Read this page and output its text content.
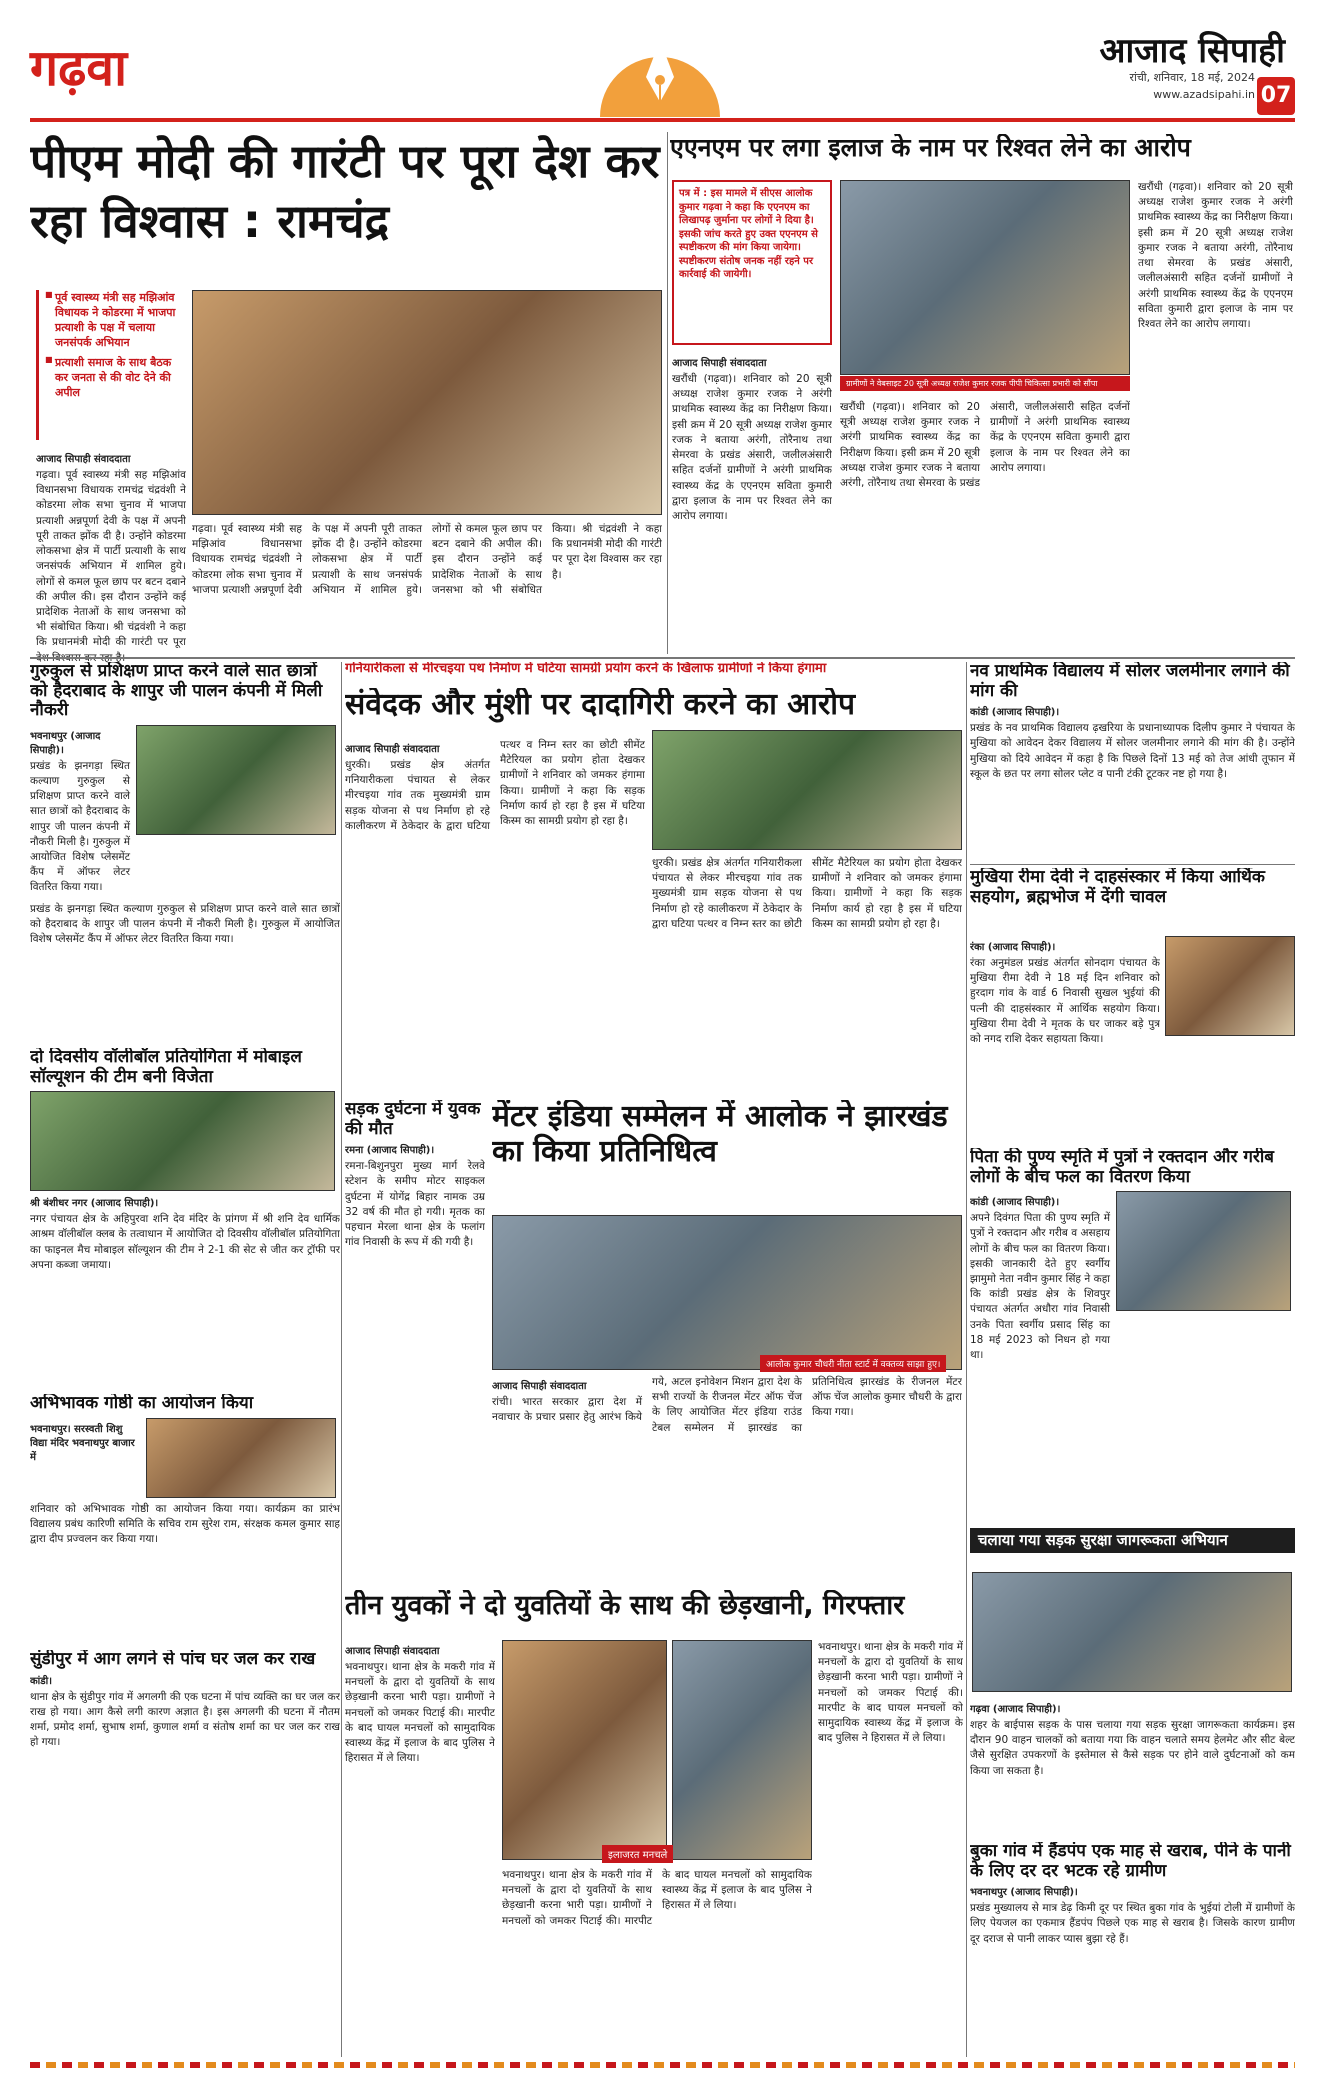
गढ़वा	आजाद सिपाही
रांची, शनिवार, 18 मई, 2024
www.azadsipahi.in 07
पीएम मोदी की गारंटी पर पूरा देश कर रहा विश्वास : रामचंद्र
■ पूर्व स्वास्थ्य मंत्री सह मझिआंव विधायक ने कोडरमा में भाजपा प्रत्याशी के पक्ष में चलाया जनसंपर्क अभियान
■ प्रत्याशी समाज के साथ बैठक कर जनता से की वोट देने की अपील
आजाद सिपाही संवाददाता
गढ़वा। पूर्व स्वास्थ्य मंत्री सह मझिआंव विधानसभा विधायक रामचंद्र चंद्रवंशी ने कोडरमा लोक सभा चुनाव में भाजपा प्रत्याशी अन्नपूर्णा देवी के पक्ष में अपनी पूरी ताकत झोंक दी है। उन्होंने कोडरमा लोकसभा क्षेत्र में पार्टी प्रत्याशी के साथ जनसंपर्क अभियान में शामिल हुये। लोगों से कमल फूल छाप पर बटन दबाने की अपील की। इस दौरान उन्होंने कई प्रादेशिक नेताओं के साथ जनसभा को भी संबोधित किया। श्री चंद्रवंशी ने कहा कि प्रधानमंत्री मोदी की गारंटी पर पूरा
गढ़वा। पूर्व स्वास्थ्य मंत्री सह मझिआंव विधानसभा विधायक रामचंद्र चंद्रवंशी ने कोडरमा लोक सभा चुनाव में भाजपा प्रत्याशी अन्नपूर्णा देवी के पक्ष में अपनी पूरी ताकत झोंक दी है। उन्होंने कोडरमा लोकसभा क्षेत्र में पार्टी प्रत्याशी के साथ जनसंपर्क अभियान में शामिल हुये। लोगों से कमल फूल छाप पर बटन दबाने की अपील की। इस दौरान उन्होंने कई प्रादेशिक नेताओं के साथ जनसभा को भी संबोधित किया। श्री चंद्रवंशी ने कहा कि प्रधानमंत्री मोदी की गारंटी पर पूरा देश विश्वास कर रहा है।
एएनएम पर लगा इलाज के नाम पर रिश्वत लेने का आरोप
पत्र में : इस मामले में सीएस आलोक कुमार गढ़वा ने कहा कि एएनएम का लिखापढ़ जुर्माना पर लोगों ने दिया है। इसकी जांच करते हुए उक्त एएनएम से स्पष्टीकरण की मांग किया जायेगा। स्पष्टीकरण संतोष जनक नहीं रहने पर कार्रवाई की जायेगी।
ग्रामीणों ने वेबसाइट 20 सूत्री अध्यक्ष राजेश कुमार रजक पीपी चिकित्सा प्रभारी को सौंपा
आजाद सिपाही संवाददाता
खरौंधी (गढ़वा)। शनिवार को 20 सूत्री अध्यक्ष राजेश कुमार रजक ने अरंगी प्राथमिक स्वास्थ्य केंद्र का निरीक्षण किया। इसी क्रम में 20 सूत्री अध्यक्ष राजेश कुमार रजक ने बताया अरंगी, तोरैनाथ तथा सेमरवा के प्रखंड अंसारी, जलीलअंसारी सहित दर्जनों ग्रामीणों ने अरंगी प्राथमिक स्वास्थ्य केंद्र के एएनएम सविता कुमारी द्वारा इलाज के नाम पर रिश्वत लेने का आरोप लगाया।
खरौंधी (गढ़वा)। शनिवार को 20 सूत्री अध्यक्ष राजेश कुमार रजक ने अरंगी प्राथमिक स्वास्थ्य केंद्र का निरीक्षण किया। इसी क्रम में 20 सूत्री अध्यक्ष राजेश कुमार रजक ने बताया अरंगी, तोरैनाथ तथा सेमरवा के प्रखंड अंसारी, जलीलअंसारी सहित दर्जनों ग्रामीणों ने अरंगी प्राथमिक स्वास्थ्य केंद्र के एएनएम सविता कुमारी द्वारा इलाज के नाम पर रिश्वत लेने का आरोप लगाया।
खरौंधी (गढ़वा)। शनिवार को 20 सूत्री अध्यक्ष राजेश कुमार रजक ने अरंगी प्राथमिक स्वास्थ्य केंद्र का निरीक्षण किया। इसी क्रम में 20 सूत्री अध्यक्ष राजेश कुमार रजक ने बताया अरंगी, तोरैनाथ तथा सेमरवा के प्रखंड अंसारी, जलीलअंसारी सहित दर्जनों ग्रामीणों ने अरंगी प्राथमिक स्वास्थ्य केंद्र के एएनएम सविता कुमारी द्वारा इलाज के नाम पर रिश्वत लेने का आरोप लगाया।
गुरुकुल से प्रशिक्षण प्राप्त करने वाले सात छात्रों को हैदराबाद के शापुर जी पालन कंपनी में मिली नौकरी
भवनाथपुर (आजाद सिपाही)।
प्रखंड के झनगड़ा स्थित कल्याण गुरुकुल से प्रशिक्षण प्राप्त करने वाले सात छात्रों को हैदराबाद के शापुर जी पालन कंपनी में नौकरी मिली है। गुरुकुल में आयोजित विशेष प्लेसमेंट कैंप में ऑफर लेटर वितरित किया गया।
प्रखंड के झनगड़ा स्थित कल्याण गुरुकुल से प्रशिक्षण प्राप्त करने वाले सात छात्रों को हैदराबाद के शापुर जी पालन कंपनी में नौकरी मिली है। गुरुकुल में आयोजित विशेष प्लेसमेंट कैंप में ऑफर लेटर वितरित किया गया।
गनियारीकला से मीरचइया पथ निर्माण में घटिया सामग्री प्रयोग करने के खिलाफ ग्रामीणों ने किया हंगामा
संवेदक और मुंशी पर दादागिरी करने का आरोप
आजाद सिपाही संवाददाता
धुरकी। प्रखंड क्षेत्र अंतर्गत गनियारीकला पंचायत से लेकर मीरचइया गांव तक मुख्यमंत्री ग्राम सड़क योजना से पथ निर्माण हो रहे कालीकरण में ठेकेदार के द्वारा घटिया पत्थर व निम्न स्तर का छोटी सीमेंट मैटेरियल का प्रयोग होता देखकर ग्रामीणों ने शनिवार को जमकर हंगामा किया। ग्रामीणों ने कहा कि सड़क निर्माण कार्य हो रहा है इस में घटिया किस्म का सामग्री प्रयोग हो रहा है।
धुरकी। प्रखंड क्षेत्र अंतर्गत गनियारीकला पंचायत से लेकर मीरचइया गांव तक मुख्यमंत्री ग्राम सड़क योजना से पथ निर्माण हो रहे कालीकरण में ठेकेदार के द्वारा घटिया पत्थर व निम्न स्तर का छोटी सीमेंट मैटेरियल का प्रयोग होता देखकर ग्रामीणों ने शनिवार को जमकर हंगामा किया। ग्रामीणों ने कहा कि सड़क निर्माण कार्य हो रहा है इस में घटिया किस्म का सामग्री प्रयोग हो रहा है।
नव प्राथमिक विद्यालय में सोलर जलमीनार लगाने की मांग की
कांडी (आजाद सिपाही)।
प्रखंड के नव प्राथमिक विद्यालय ढ़खरिया के प्रधानाध्यापक दिलीप कुमार ने पंचायत के मुखिया को आवेदन देकर विद्यालय में सोलर जलमीनार लगाने की मांग की है। उन्होंने मुखिया को दिये आवेदन में कहा है कि पिछले दिनों 13 मई को तेज आंधी तूफान में स्कूल के छत पर लगा सोलर प्लेट व पानी टंकी टूटकर नष्ट हो गया है।
मुखिया रीमा देवी ने दाहसंस्कार में किया आर्थिक सहयोग, ब्रह्मभोज में देंगी चावल
रंका (आजाद सिपाही)।
रंका अनुमंडल प्रखंड अंतर्गत सोनदाग पंचायत के मुखिया रीमा देवी ने 18 मई दिन शनिवार को हुरदाग गांव के वार्ड 6 निवासी सुखल भुईयां की पत्नी की दाहसंस्कार में आर्थिक सहयोग किया। मुखिया रीमा देवी ने मृतक के घर जाकर बड़े पुत्र को नगद राशि देकर सहायता किया।
दो दिवसीय वॉलीबॉल प्रतियोगिता में मोबाइल सॉल्यूशन की टीम बनी विजेता
श्री बंशीधर नगर (आजाद सिपाही)।
नगर पंचायत क्षेत्र के अहिपुरवा शनि देव मंदिर के प्रांगण में श्री शनि देव धार्मिक आश्रम वॉलीबॉल क्लब के तत्वाधान में आयोजित दो दिवसीय वॉलीबॉल प्रतियोगिता का फाइनल मैच मोबाइल सॉल्यूशन की टीम ने 2-1 की सेट से जीत कर ट्रॉफी पर अपना कब्जा जमाया।
सड़क दुर्घटना में युवक की मौत
रमना (आजाद सिपाही)।
रमना-बिशुनपुरा मुख्य मार्ग रेलवे स्टेशन के समीप मोटर साइकल दुर्घटना में योगेंद्र बिहार नामक उम्र 32 वर्ष की मौत हो गयी। मृतक का पहचान मेरला थाना क्षेत्र के फलांग गांव निवासी के रूप में की गयी है।
मेंटर इंडिया सम्मेलन में आलोक ने झारखंड का किया प्रतिनिधित्व
आलोक कुमार चौधरी नीता स्टार्ट में वक्तव्य साझा हुए।
आजाद सिपाही संवाददाता
रांची। भारत सरकार द्वारा देश में नवाचार के प्रचार प्रसार हेतु आरंभ किये गये, अटल इनोवेशन मिशन द्वारा देश के सभी राज्यों के रीजनल मेंटर ऑफ चेंज के लिए आयोजित मेंटर इंडिया राउंड टेबल सम्मेलन में झारखंड का प्रतिनिधित्व झारखंड के रीजनल मेंटर ऑफ चेंज आलोक कुमार चौधरी के द्वारा किया गया।
पिता की पुण्य स्मृति में पुत्रों ने रक्तदान और गरीब लोगों के बीच फल का वितरण किया
कांडी (आजाद सिपाही)।
अपने दिवंगत पिता की पुण्य स्मृति में पुत्रों ने रक्तदान और गरीब व असहाय लोगों के बीच फल का वितरण किया। इसकी जानकारी देते हुए स्वर्गीय झामुमो नेता नवीन कुमार सिंह ने कहा कि कांडी प्रखंड क्षेत्र के शिवपुर पंचायत अंतर्गत अधौरा गांव निवासी उनके पिता स्वर्गीय प्रसाद सिंह का 18 मई 2023 को निधन हो गया था।
अभिभावक गोष्ठी का आयोजन किया
भवनाथपुर। सरस्वती शिशु विद्या मंदिर भवनाथपुर बाजार में
शनिवार को अभिभावक गोष्ठी का आयोजन किया गया। कार्यक्रम का प्रारंभ विद्यालय प्रबंध कारिणी समिति के सचिव राम सुरेश राम, संरक्षक कमल कुमार साह द्वारा दीप प्रज्वलन कर किया गया।	चलाया गया सड़क सुरक्षा जागरूकता अभियान
गढ़वा (आजाद सिपाही)।
शहर के बाईपास सड़क के पास चलाया गया सड़क सुरक्षा जागरूकता कार्यक्रम। इस दौरान 90 वाहन चालकों को बताया गया कि वाहन चलाते समय हेलमेट और सीट बेल्ट जैसे सुरक्षित उपकरणों के इस्तेमाल से कैसे सड़क पर होने वाले दुर्घटनाओं को कम किया जा सकता है।
तीन युवकों ने दो युवतियों के साथ की छेड़खानी, गिरफ्तार
आजाद सिपाही संवाददाता
भवनाथपुर। थाना क्षेत्र के मकरी गांव में मनचलों के द्वारा दो युवतियों के साथ छेड़खानी करना भारी पड़ा। ग्रामीणों ने मनचलों को जमकर पिटाई की। मारपीट के बाद घायल मनचलों को सामुदायिक स्वास्थ्य केंद्र में इलाज के बाद पुलिस ने हिरासत में ले लिया।
इलाजरत मनचले
भवनाथपुर। थाना क्षेत्र के मकरी गांव में मनचलों के द्वारा दो युवतियों के साथ छेड़खानी करना भारी पड़ा। ग्रामीणों ने मनचलों को जमकर पिटाई की। मारपीट के बाद घायल मनचलों को सामुदायिक स्वास्थ्य केंद्र में इलाज के बाद पुलिस ने हिरासत में ले लिया।
भवनाथपुर। थाना क्षेत्र के मकरी गांव में मनचलों के द्वारा दो युवतियों के साथ छेड़खानी करना भारी पड़ा। ग्रामीणों ने मनचलों को जमकर पिटाई की। मारपीट के बाद घायल मनचलों को सामुदायिक स्वास्थ्य केंद्र में इलाज के बाद पुलिस ने हिरासत में ले लिया।
सुंडीपुर में आग लगने से पांच घर जल कर राख
कांडी।
थाना क्षेत्र के सुंडीपुर गांव में अगलगी की एक घटना में पांच व्यक्ति का घर जल कर राख हो गया। आग कैसे लगी कारण अज्ञात है। इस अगलगी की घटना में नौतम शर्मा, प्रमोद शर्मा, सुभाष शर्मा, कुणाल शर्मा व संतोष शर्मा का घर जल कर राख हो गया।
बुका गांव में हैंडपंप एक माह से खराब, पीने के पानी के लिए दर दर भटक रहे ग्रामीण
भवनाथपुर (आजाद सिपाही)।
प्रखंड मुख्यालय से मात्र डेढ़ किमी दूर पर स्थित बुका गांव के भुईयां टोली में ग्रामीणों के लिए पेयजल का एकमात्र हैंडपंप पिछले एक माह से खराब है। जिसके कारण ग्रामीण दूर दराज से पानी लाकर प्यास बुझा रहे हैं।
